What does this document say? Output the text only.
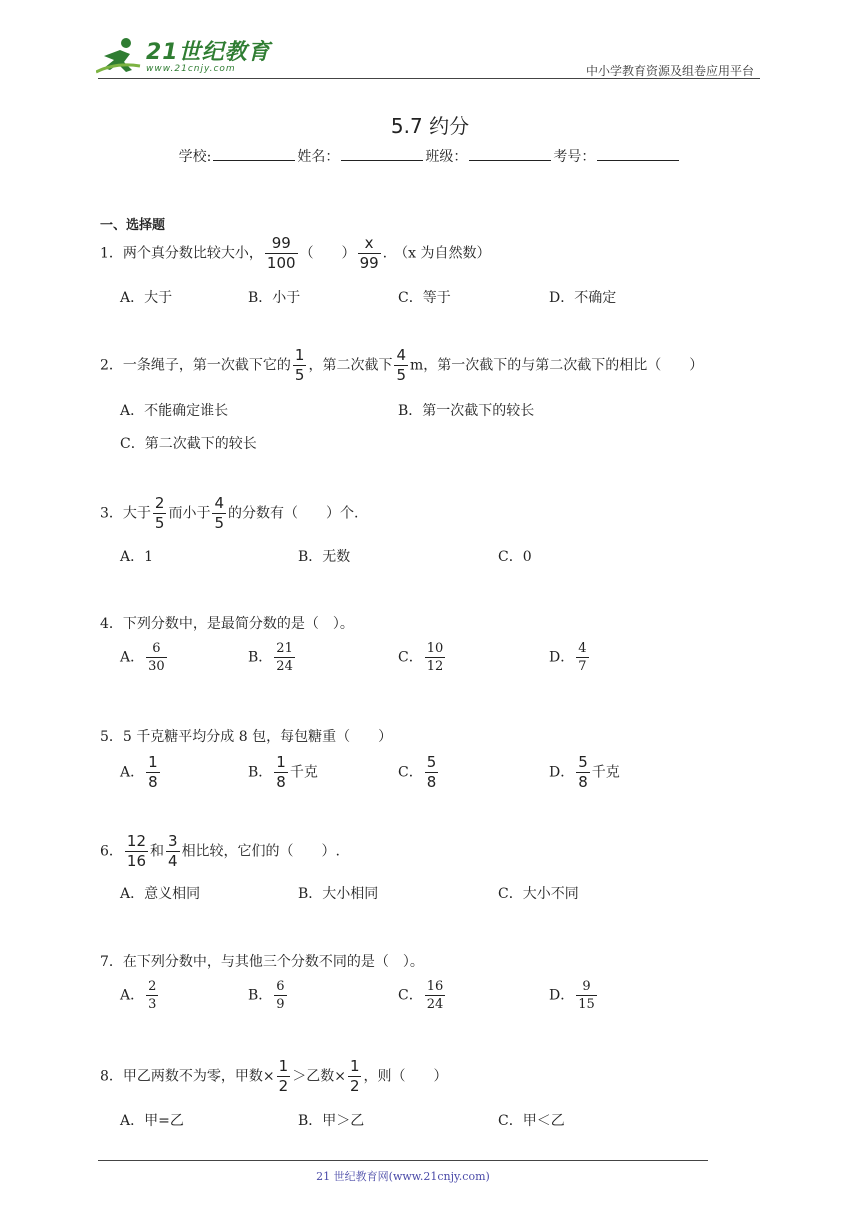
21世纪教育
www.21cnjy.com	中小学教育资源及组卷应用平台
5.7 约分
学校:	姓名：	班级：	考号：
一、选择题
1．两个真分数比较大小， $\frac{99}{100}$ （　　） $\frac{x}{99}$ .　（x 为自然数）
A．大于	B．小于	C．等于	D．不确定
2．一条绳子，第一次截下它的 $\frac{1}{5}$ ，第二次截下 $\frac{4}{5}$ m，第一次截下的与第二次截下的相比（　　）
A．不能确定谁长	B．第一次截下的较长
C．第二次截下的较长
3．大于 $\frac{2}{5}$ 而小于 $\frac{4}{5}$ 的分数有（　　）个.
A．1	B．无数	C．0
4．下列分数中，是最简分数的是（　）。
A． $\frac{6}{30}$	B． $\frac{21}{24}$	C． $\frac{10}{12}$	D． $\frac{4}{7}$
5．5 千克糖平均分成 8 包，每包糖重（　　）
A． $\frac{1}{8}$	B． $\frac{1}{8}$ 千克	C． $\frac{5}{8}$	D． $\frac{5}{8}$ 千克
6． $\frac{12}{16}$ 和 $\frac{3}{4}$ 相比较，它们的（　　）.
A．意义相同	B．大小相同	C．大小不同
7．在下列分数中，与其他三个分数不同的是（　）。
A． $\frac{2}{3}$	B． $\frac{6}{9}$	C． $\frac{16}{24}$	D． $\frac{9}{15}$
8．甲乙两数不为零，甲数× $\frac{1}{2}$ ＞乙数× $\frac{1}{2}$ ，则（　　）
A．甲=乙	B．甲＞乙	C．甲＜乙
21 世纪教育网(www.21cnjy.com)
